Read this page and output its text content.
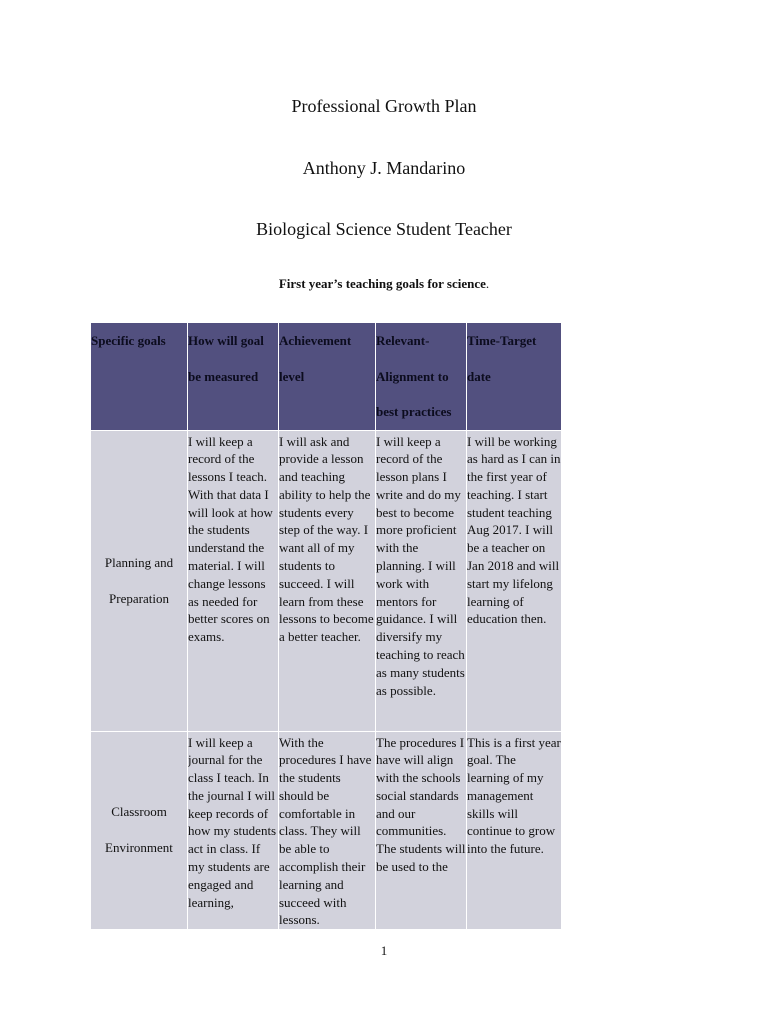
Professional Growth Plan
Anthony J. Mandarino
Biological Science Student Teacher
First year’s teaching goals for science.
Specific goals	How will goal be measured	Achievement level	Relevant-Alignment to best practices	Time-Target date

Planning and Preparation	I will keep a record of the lessons I teach. With that data I will look at how the students understand the material. I will change lessons as needed for better scores on exams.	I will ask and provide a lesson and teaching ability to help the students every step of the way. I want all of my students to succeed. I will learn from these lessons to become a better teacher.	I will keep a record of the lesson plans I write and do my best to become more proficient with the planning. I will work with mentors for guidance. I will diversify my teaching to reach as many students as possible.	I will be working as hard as I can in the first year of teaching. I start student teaching Aug 2017. I will be a teacher on Jan 2018 and will start my lifelong learning of education then.

Classroom Environment	I will keep a journal for the class I teach. In the journal I will keep records of how my students act in class. If my students are engaged and learning,	With the procedures I have the students should be comfortable in class. They will be able to accomplish their learning and succeed with lessons.	The procedures I have will align with the schools social standards and our communities. The students will be used to the	This is a first year goal. The learning of my management skills will continue to grow into the future.
1
